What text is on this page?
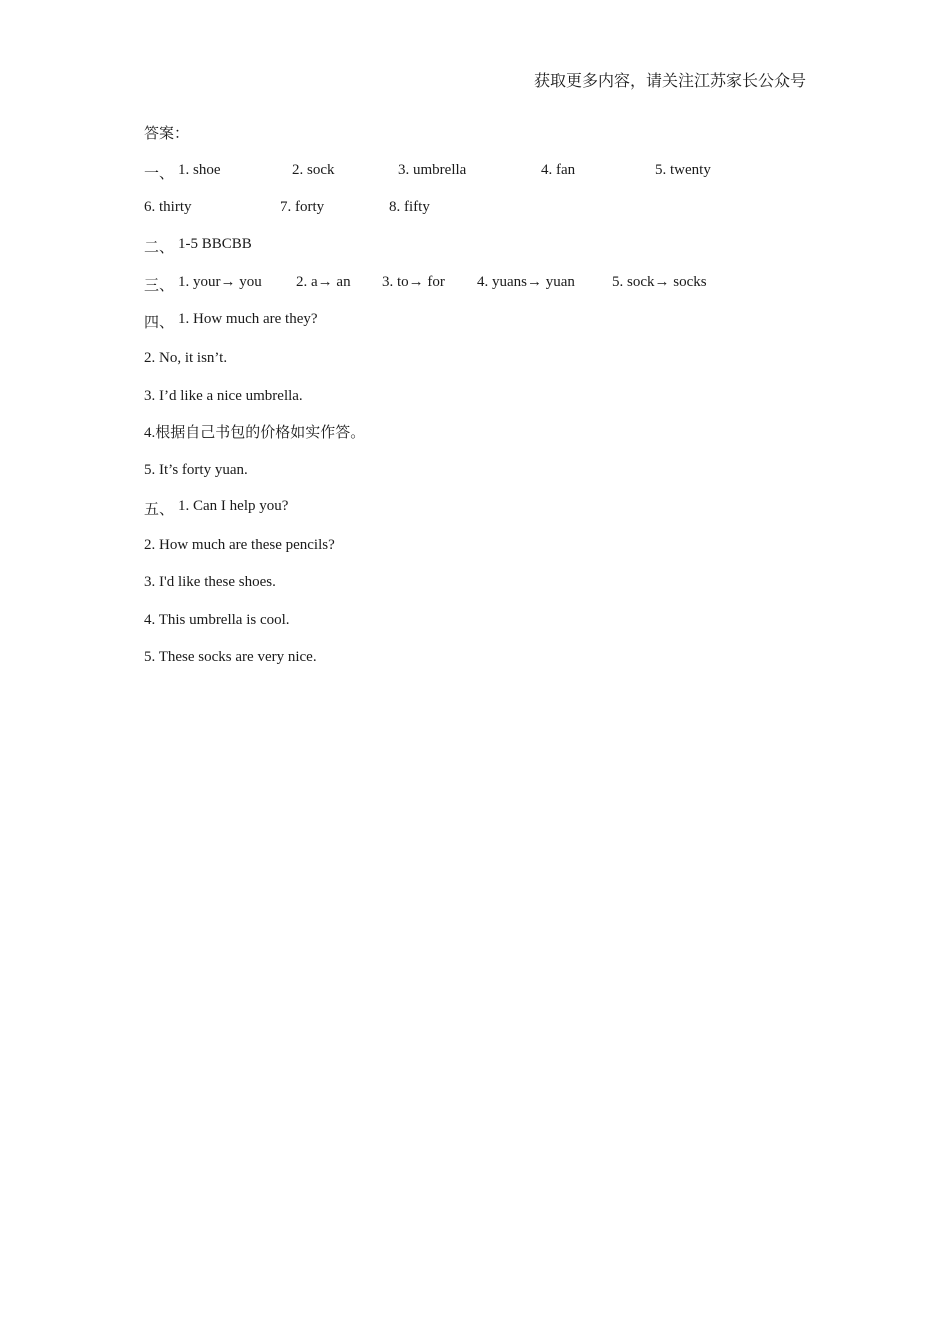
获取更多内容，请关注江苏家长公众号
答案：
一、 1. shoe	2. sock	3. umbrella	4. fan	5. twenty
6. thirty	7. forty	8. fifty
二、 1-5 BBCBB
三、 1. your→ you 2. a→ an 3. to→ for 4. yuans→ yuan 5. sock→ socks
四、 1. How much are they?
2. No, it isn’t.
3. I’d like a nice umbrella.
4.根据自己书包的价格如实作答。
5. It’s forty yuan.
五、 1. Can I help you?
2. How much are these pencils?
3. I'd like these shoes.
4. This umbrella is cool.
5. These socks are very nice.
